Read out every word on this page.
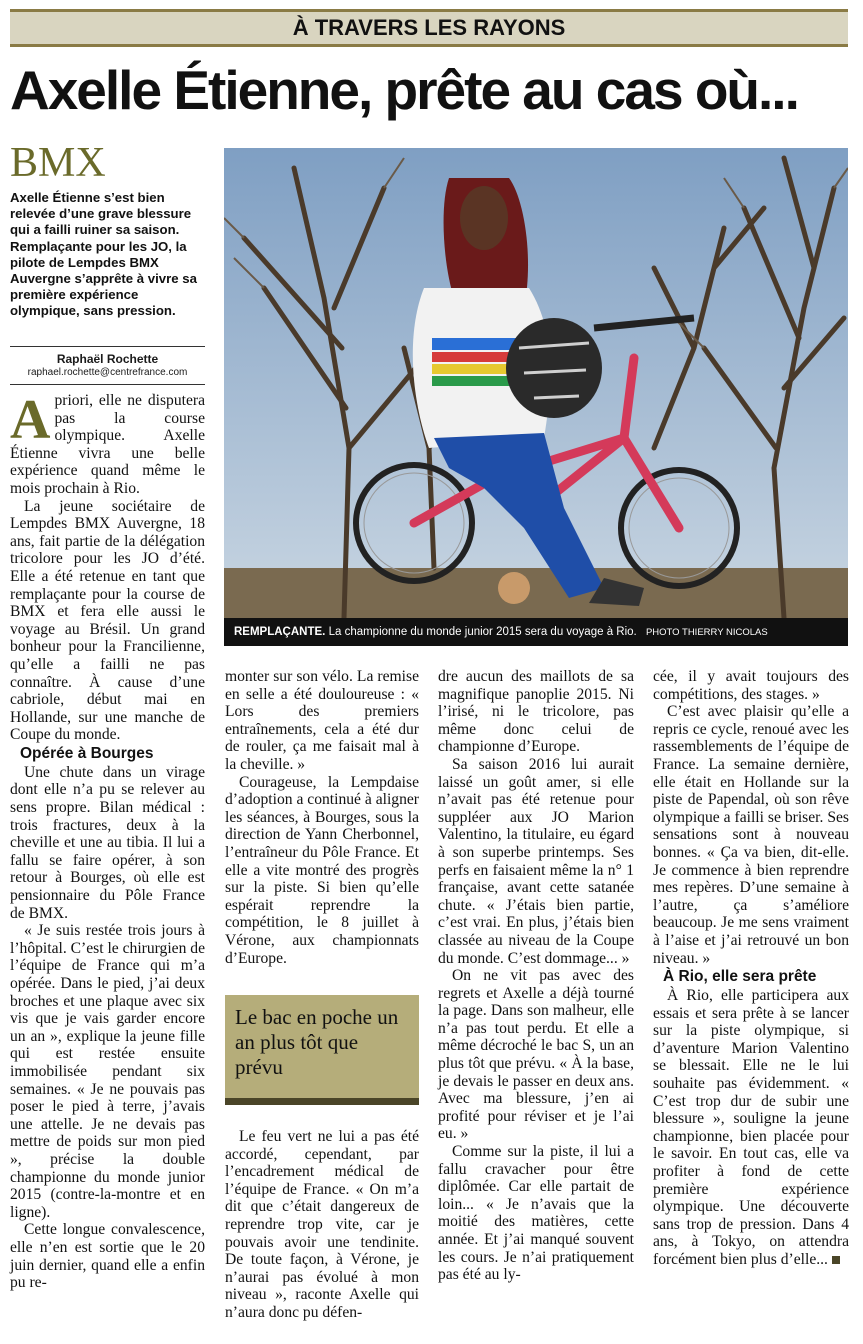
À TRAVERS LES RAYONS
Axelle Étienne, prête au cas où...
BMX
Axelle Étienne s’est bien relevée d’une grave blessure qui a failli ruiner sa saison. Remplaçante pour les JO, la pilote de Lempdes BMX Auvergne s’apprête à vivre sa première expérience olympique, sans pression.
Raphaël Rochette
raphael.rochette@centrefrance.com
REMPLAÇANTE. La championne du monde junior 2015 sera du voyage à Rio. PHOTO THIERRY NICOLAS

Apriori, elle ne disputera pas la course olympique. Axelle Étienne vivra une belle expérience quand même le mois prochain à Rio.

La jeune sociétaire de Lempdes BMX Auvergne, 18 ans, fait partie de la délégation tricolore pour les JO d’été. Elle a été retenue en tant que remplaçante pour la course de BMX et fera elle aussi le voyage au Brésil. Un grand bonheur pour la Francilienne, qu’elle a failli ne pas connaître. À cause d’une cabriole, début mai en Hollande, sur une manche de Coupe du monde.

Opérée à Bourges

Une chute dans un virage dont elle n’a pu se relever au sens propre. Bilan médical : trois fractures, deux à la cheville et une au tibia. Il lui a fallu se faire opérer, à son retour à Bourges, où elle est pensionnaire du Pôle France de BMX.

« Je suis restée trois jours à l’hôpital. C’est le chirurgien de l’équipe de France qui m’a opérée. Dans le pied, j’ai deux broches et une plaque avec six vis que je vais garder encore un an », explique la jeune fille qui est restée ensuite immobilisée pendant six semaines. « Je ne pouvais pas poser le pied à terre, j’avais une attelle. Je ne devais pas mettre de poids sur mon pied », précise la double championne du monde junior 2015 (contre-la-montre et en ligne).

Cette longue convalescence, elle n’en est sortie que le 20 juin dernier, quand elle a enfin pu re-

monter sur son vélo. La remise en selle a été douloureuse : « Lors des premiers entraînements, cela a été dur de rouler, ça me faisait mal à la cheville. »

Courageuse, la Lempdaise d’adoption a continué à aligner les séances, à Bourges, sous la direction de Yann Cherbonnel, l’entraîneur du Pôle France. Et elle a vite montré des progrès sur la piste. Si bien qu’elle espérait reprendre la compétition, le 8 juillet à Vérone, aux championnats d’Europe.

Le bac en poche un an plus tôt que prévu

Le feu vert ne lui a pas été accordé, cependant, par l’encadrement médical de l’équipe de France. « On m’a dit que c’était dangereux de reprendre trop vite, car je pouvais avoir une tendinite. De toute façon, à Vérone, je n’aurai pas évolué à mon niveau », raconte Axelle qui n’aura donc pu défen-

dre aucun des maillots de sa magnifique panoplie 2015. Ni l’irisé, ni le tricolore, pas même donc celui de championne d’Europe.

Sa saison 2016 lui aurait laissé un goût amer, si elle n’avait pas été retenue pour suppléer aux JO Marion Valentino, la titulaire, eu égard à son superbe printemps. Ses perfs en faisaient même la n° 1 française, avant cette satanée chute. « J’étais bien partie, c’est vrai. En plus, j’étais bien classée au niveau de la Coupe du monde. C’est dommage... »

On ne vit pas avec des regrets et Axelle a déjà tourné la page. Dans son malheur, elle n’a pas tout perdu. Et elle a même décroché le bac S, un an plus tôt que prévu. « À la base, je devais le passer en deux ans. Avec ma blessure, j’en ai profité pour réviser et je l’ai eu. »

Comme sur la piste, il lui a fallu cravacher pour être diplômée. Car elle partait de loin... « Je n’avais que la moitié des matières, cette année. Et j’ai manqué souvent les cours. Je n’ai pratiquement pas été au ly-

cée, il y avait toujours des compétitions, des stages. »

C’est avec plaisir qu’elle a repris ce cycle, renoué avec les rassemblements de l’équipe de France. La semaine dernière, elle était en Hollande sur la piste de Papendal, où son rêve olympique a failli se briser. Ses sensations sont à nouveau bonnes. « Ça va bien, dit-elle. Je commence à bien reprendre mes repères. D’une semaine à l’autre, ça s’améliore beaucoup. Je me sens vraiment à l’aise et j’ai retrouvé un bon niveau. »

À Rio, elle sera prête

À Rio, elle participera aux essais et sera prête à se lancer sur la piste olympique, si d’aventure Marion Valentino se blessait. Elle ne le lui souhaite pas évidemment. « C’est trop dur de subir une blessure », souligne la jeune championne, bien placée pour le savoir. En tout cas, elle va profiter à fond de cette première expérience olympique. Une découverte sans trop de pression. Dans 4 ans, à Tokyo, on attendra forcément bien plus d’elle...
